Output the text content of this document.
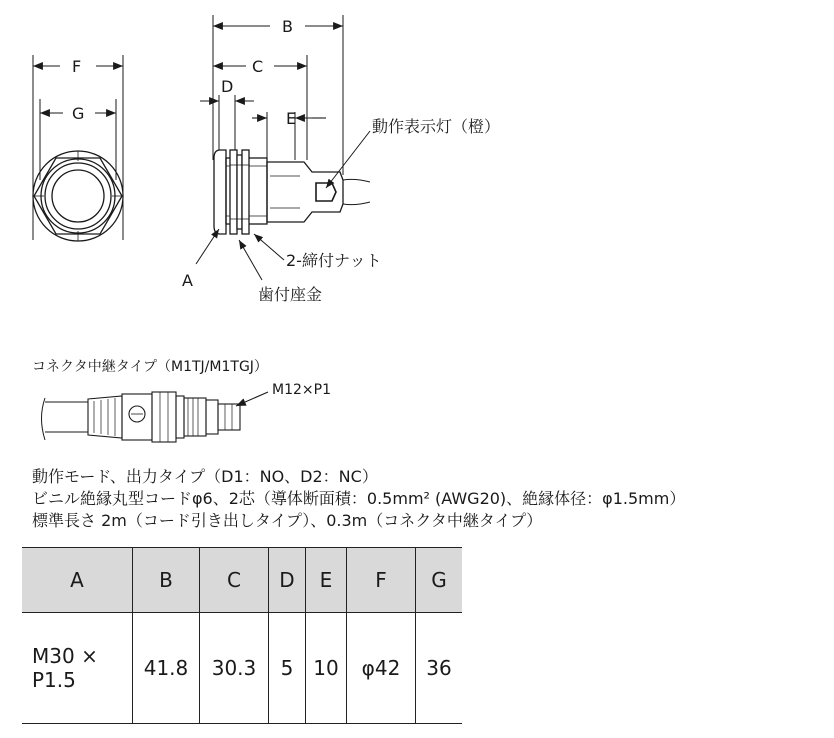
F
G
B
C
D
E
A
動作表示灯（橙）
2-締付ナット
歯付座金
M12×P1
コネクタ中継タイプ（M1TJ/M1TGJ）
動作モード、出力タイプ（D1：NO、D2：NC）
ビニル絶縁丸型コードφ6、2芯（導体断面積：0.5mm² (AWG20)、絶縁体径：φ1.5mm）
標準長さ 2m（コード引き出しタイプ）、0.3m（コネクタ中継タイプ）
A	B	C	D	E	F	G
M30 ×
P1.5	41.8	30.3	5	10	φ42	36
